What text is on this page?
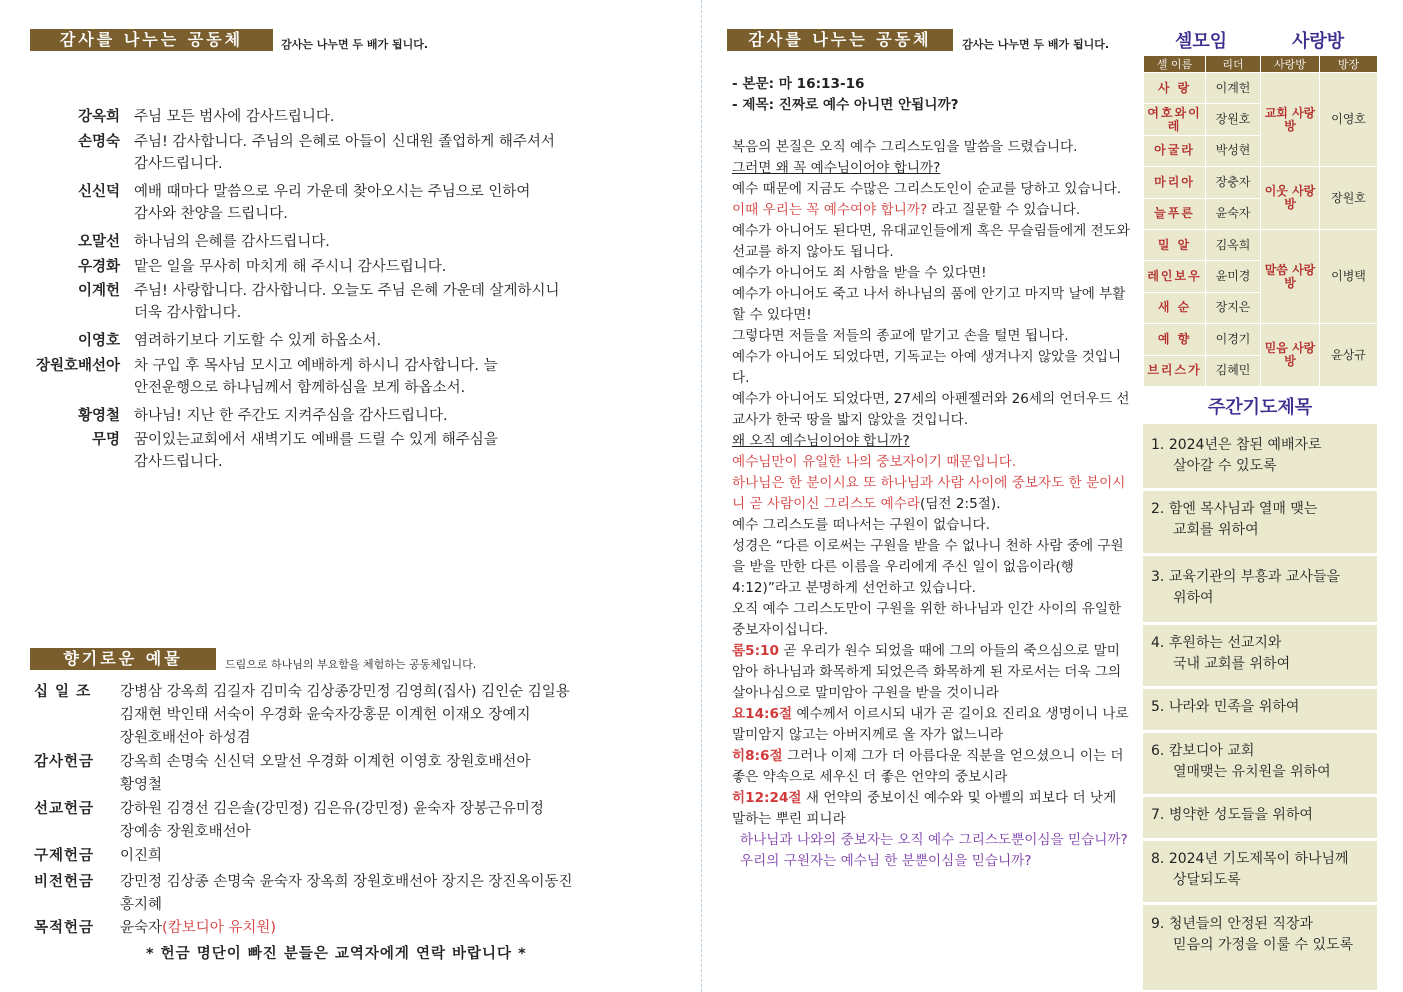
감사를 나누는 공동체	감사는 나누면 두 배가 됩니다.
강옥희 주님 모든 범사에 감사드립니다.
손명숙 주님! 감사합니다. 주님의 은혜로 아들이 신대원 졸업하게 해주셔서
감사드립니다.
신신덕 예배 때마다 말씀으로 우리 가운데 찾아오시는 주님으로 인하여
감사와 찬양을 드립니다.
오말선 하나님의 은혜를 감사드립니다.
우경화 맡은 일을 무사히 마치게 해 주시니 감사드립니다.
이계헌 주님! 사랑합니다. 감사합니다. 오늘도 주님 은혜 가운데 살게하시니
더욱 감사합니다.
이영호 염려하기보다 기도할 수 있게 하옵소서.
장원호배선아 차 구입 후 목사님 모시고 예배하게 하시니 감사합니다. 늘
안전운행으로 하나님께서 함께하심을 보게 하옵소서.
황영철 하나님! 지난 한 주간도 지켜주심을 감사드립니다.
무명 꿈이있는교회에서 새벽기도 예배를 드릴 수 있게 해주심을
감사드립니다.
향기로운 예물	드림으로 하나님의 부요함을 체험하는 공동체입니다.
십 일 조	강병삼 강옥희 김길자 김미숙 김상종강민정 김영희(집사) 김인순 김일용
김재현 박인태 서숙이 우경화 윤숙자강홍문 이계헌 이재오 장예지
장원호배선아 하성겸
감사헌금	강옥희 손명숙 신신덕 오말선 우경화 이계헌 이영호 장원호배선아
황영철
선교헌금	강하원 김경선 김은솔(강민정) 김은유(강민정) 윤숙자 장봉근유미정
장예송 장원호배선아
구제헌금	이진희
비전헌금	강민정 김상종 손명숙 윤숙자 장옥희 장원호배선아 장지은 장진옥이동진
홍지혜
목적헌금	윤숙자(캄보디아 유치원)
* 헌금 명단이 빠진 분들은 교역자에게 연락 바랍니다 *
감사를 나누는 공동체	감사는 나누면 두 배가 됩니다.

- 본문: 마 16:13-16

- 제목: 진짜로 예수 아니면 안됩니까?

복음의 본질은 오직 예수 그리스도임을 말씀을 드렸습니다.

그러면 왜 꼭 예수님이어야 합니까?

예수 때문에 지금도 수많은 그리스도인이 순교를 당하고 있습니다.

이때 우리는 꼭 예수여야 합니까? 라고 질문할 수 있습니다.

예수가 아니어도 된다면, 유대교인들에게 혹은 무슬림들에게 전도와 선교를 하지 않아도 됩니다.

예수가 아니어도 죄 사함을 받을 수 있다면!

예수가 아니어도 죽고 나서 하나님의 품에 안기고 마지막 날에 부활할 수 있다면!

그렇다면 저들을 저들의 종교에 맡기고 손을 털면 됩니다.

예수가 아니어도 되었다면, 기독교는 아예 생겨나지 않았을 것입니다.

예수가 아니어도 되었다면, 27세의 아펜젤러와 26세의 언더우드 선교사가 한국 땅을 밟지 않았을 것입니다.

왜 오직 예수님이어야 합니까?

예수님만이 유일한 나의 중보자이기 때문입니다.

하나님은 한 분이시요 또 하나님과 사람 사이에 중보자도 한 분이시니 곧 사람이신 그리스도 예수라(딤전 2:5절).

예수 그리스도를 떠나서는 구원이 없습니다.

성경은 “다른 이로써는 구원을 받을 수 없나니 천하 사람 중에 구원을 받을 만한 다른 이름을 우리에게 주신 일이 없음이라(행 4:12)”라고 분명하게 선언하고 있습니다.

오직 예수 그리스도만이 구원을 위한 하나님과 인간 사이의 유일한 중보자이십니다.

롬5:10 곧 우리가 원수 되었을 때에 그의 아들의 죽으심으로 말미암아 하나님과 화목하게 되었은즉 화목하게 된 자로서는 더욱 그의 살아나심으로 말미암아 구원을 받을 것이니라

요14:6절 예수께서 이르시되 내가 곧 길이요 진리요 생명이니 나로 말미암지 않고는 아버지께로 올 자가 없느니라

히8:6절 그러나 이제 그가 더 아름다운 직분을 얻으셨으니 이는 더 좋은 약속으로 세우신 더 좋은 언약의 중보시라

히12:24절 새 언약의 중보이신 예수와 및 아벨의 피보다 더 낫게 말하는 뿌린 피니라

하나님과 나와의 중보자는 오직 예수 그리스도뿐이심을 믿습니까?

우리의 구원자는 예수님 한 분뿐이심을 믿습니까?

셀모임	사랑방
셀 이름	리더	사랑방	방장
사 랑	이계헌	교회 사랑방	이영호
여호와이레	장원호		
아굴라	박성현		
마리아	장충자	이웃 사랑방	장원호
늘푸른	윤숙자		
밀 알	김옥희	말씀 사랑방	이병택
레인보우	윤미경		
새 순	장지은		
예 향	이경기	믿음 사랑방	윤상규
브리스가	김혜민		
주간기도제목
1. 2024년은 참된 예배자로
살아갈 수 있도록
2. 함엔 목사님과 열매 맺는
교회를 위하여
3. 교육기관의 부흥과 교사들을
위하여
4. 후원하는 선교지와
국내 교회를 위하여
5. 나라와 민족을 위하여
6. 캄보디아 교회
열매맺는 유치원을 위하여
7. 병약한 성도들을 위하여
8. 2024년 기도제목이 하나님께
상달되도록
9. 청년들의 안정된 직장과
믿음의 가정을 이룰 수 있도록
